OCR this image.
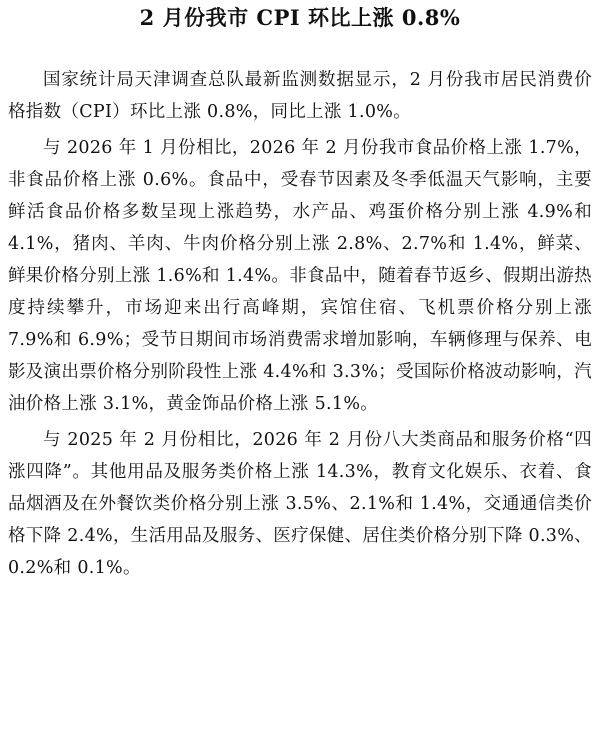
2 月份我市 CPI 环比上涨 0.8%

国家统计局天津调查总队最新监测数据显示，2 月份我市居民消费价格指数（CPI）环比上涨 0.8%，同比上涨 1.0%。

与 2026 年 1 月份相比，2026 年 2 月份我市食品价格上涨 1.7%，非食品价格上涨 0.6%。食品中，受春节因素及冬季低温天气影响，主要鲜活食品价格多数呈现上涨趋势，水产品、鸡蛋价格分别上涨 4.9%和 4.1%，猪肉、羊肉、牛肉价格分别上涨 2.8%、2.7%和 1.4%，鲜菜、鲜果价格分别上涨 1.6%和 1.4%。非食品中，随着春节返乡、假期出游热度持续攀升，市场迎来出行高峰期，宾馆住宿、飞机票价格分别上涨 7.9%和 6.9%；受节日期间市场消费需求增加影响，车辆修理与保养、电影及演出票价格分别阶段性上涨 4.4%和 3.3%；受国际价格波动影响，汽油价格上涨 3.1%，黄金饰品价格上涨 5.1%。

与 2025 年 2 月份相比，2026 年 2 月份八大类商品和服务价格“四涨四降”。其他用品及服务类价格上涨 14.3%，教育文化娱乐、衣着、食品烟酒及在外餐饮类价格分别上涨 3.5%、2.1%和 1.4%，交通通信类价格下降 2.4%，生活用品及服务、医疗保健、居住类价格分别下降 0.3%、0.2%和 0.1%。
